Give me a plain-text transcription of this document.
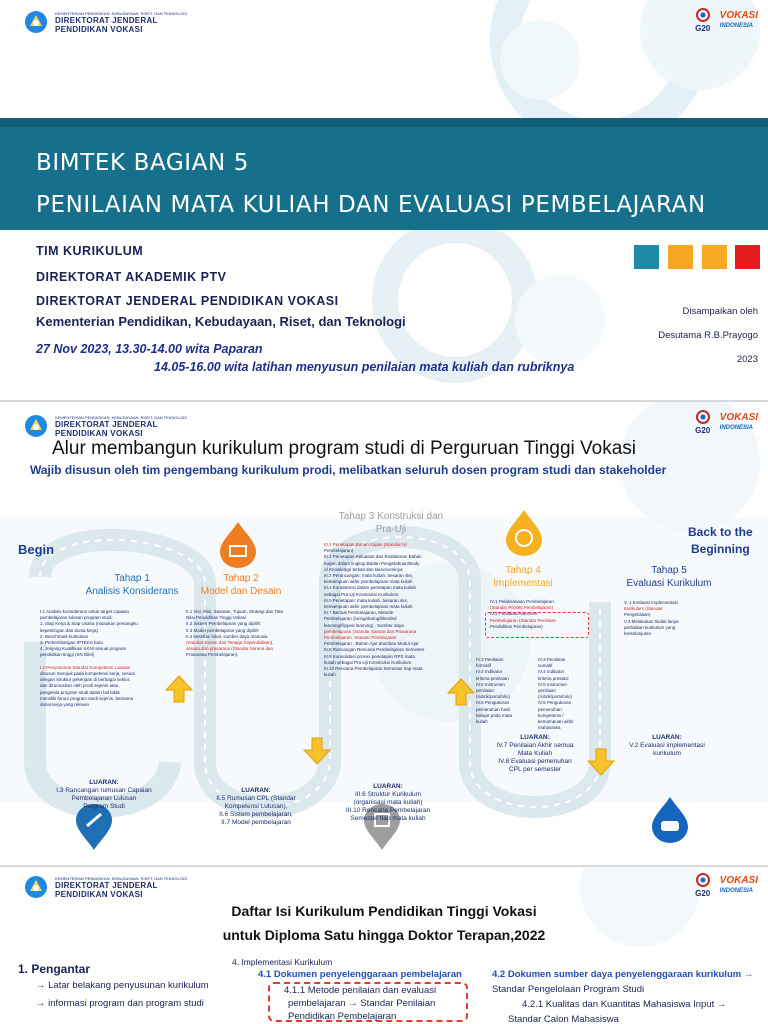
KEMENTERIAN PENDIDIKAN, KEBUDAYAAN, RISET, DAN TEKNOLOGI
DIREKTORAT JENDERAL
PENDIDIKAN VOKASI	G20
VOKASI
INDONESIA
BIMTEK BAGIAN 5
PENILAIAN MATA KULIAH DAN EVALUASI PEMBELAJARAN
TIM KURIKULUM
DIREKTORAT AKADEMIK PTV
DIREKTORAT JENDERAL PENDIDIKAN VOKASI
Kementerian Pendidikan, Kebudayaan, Riset, dan Teknologi
Disampaikan oleh
Desutama R.B.Prayogo
2023
27 Nov 2023, 13.30-14.00 wita Paparan
14.05-16.00 wita latihan menyusun penilaian mata kuliah dan rubriknya
KEMENTERIAN PENDIDIKAN, KEBUDAYAAN, RISET, DAN TEKNOLOGI
DIREKTORAT JENDERAL
PENDIDIKAN VOKASI	G20
VOKASI
INDONESIA
Alur membangun kurikulum program studi di Perguruan Tinggi Vokasi
Wajib disusun oleh tim pengembang kurikulum prodi, melibatkan seluruh dosen program studi dan stakeholder
Begin
Back to the
Beginning
Tahap 1
Analisis Konsiderans
I.1 Analisis konsiderans untuk target capaian
pembelajaran lulusan program studi:
1. Siap Kerja & Siap Usaha (masukan pemangku
kepentingan dari dunia kerja)
2. Benchmark kurikulum
3. Perkembangan IPTEKS baru
4. Jenjang Kualifikasi KKNI sesuai program
pendidikan tinggi (SN Dikti)

I.2 Penyusunan Standar Kompetensi Lulusan
disusun merujuk pada kompetensi kerja, sesuai
dengan struktur pekerjaan di berbagai sektor,
dan dirumuskan oleh prodi sejenis atau
pengelola program studi dalam hal tidak
memiliki forum program studi sejenis, bersama
dunia kerja yang relevan
LUARAN:
I.3 Rancangan rumusan Capaian
Pembelajaran Lulusan
Program Studi
Tahap 2
Model dan Desain
II.1 Visi, Misi, Sasaran, Tujuan, Strategi dan Tata
Nilai Pendidikan Tinggi Vokasi
II.2 Sistem Pembelajaran yang dipilih:
II.3 Model pembelajaran yang dipilih:
II.4 kesetlan lokal, sumber daya manusia
(Standar Dosen dan Tenaga Kependidikan),
sarana dan prasarana (Standar Sarana dan
Prasarana Pembelajaran).
LUARAN:
II.5 Rumusan CPL (Standar
Kompetensi Lulusan),
II.6 Sistem pembelajaran,
II.7 Model pembelajaran
Tahap 3 Konstruksi dan
Pra-Uji
III.1 Penetapan Bahan Kajian (Standar Isi
Pembelajaran)
III.2 Penetapan Keluasan dan Kedalaman Bahan
Kajian dalam lingkup Badan Pengetahuan/Body
of Knowledge terkait dan taksonominya
III.3 Perancangan: mata kuliah, besaran sks,
kemampuan akhir pembelajaran mata kuliah
III.4 Konsistensi dalam penetapan mata kuliah
sebagai Pra-Uji Konstruksi Kurikulum
III.5 Penetapan: mata kuliah, besaran sks,
kemampuan akhir pembelajaran mata kuliah
III.7 Bentuk Pembelajaran, Metode
Pembelajaran (luring/daring/blended
learning/flipped learning) , Sumber daya
pembelajaran (Standar Sarana dan Prasarana
Pembelajaran, Standar Pembiayaan
Pembelajaran , Bahan Ajar dan/atau Modul Ajar
III.8 Rancangan Rencana Pembelajaran Semester
III.9 Konsolidasi proses penetapan RPS mata
kuliah sebagai Pra-Uji Konstruksi Kurikulum
III.10 Rencana Pembelajaran Semester tiap mata
kuliah
LUARAN:
III.6 Struktur Kurikulum
(organisasi mata kuliah)
III.10 Rencana Pembelajaran
Semester tiap mata kuliah
Tahap 4
Implementasi
IV.1 Pelaksanaan Pembelajaran
(Standar Proses Pembelajaran)
IV.2 Penilaian/Asesmen
Pembelajaran (Standar Penilaian
Pendidikan Pembelajaran)
IV.3 Penilaian
formatif
IV.4 Indikator
kriteria penilaian
IV.5 Instrumen
penilaian
(rubrik/portofolio)
IV.6 Pengukuran
pemenuhan hasil
belajar pada mata
kuliah
IV.3 Penilaian
sumatif
IV.4 Indikator
kriteria prestasi
IV.5 Instrumen
penilaian
(rubrik/portofolio)
IV.6 Pengukuran
pemenuhan
kompetensi /
kemampuan akhir
mahasiswa
LUARAN:
IV.7 Penilaian Akhir semua
Mata Kuliah
IV.8 Evaluasi pemenuhan
CPL per semester
Tahap 5
Evaluasi Kurikulum
V. 1 Evaluasi Implementasi
Kurikulum (Standar
Pengelolaan)
V.3 Melakukan tindak lanjut
perbaikan kurikulum yang
berkelanjutan
LUARAN:
V.2 Evaluasi implementasi
kurikulum
KEMENTERIAN PENDIDIKAN, KEBUDAYAAN, RISET, DAN TEKNOLOGI
DIREKTORAT JENDERAL
PENDIDIKAN VOKASI	G20
VOKASI
INDONESIA
Daftar Isi Kurikulum Pendidikan Tinggi Vokasi
untuk Diploma Satu hingga Doktor Terapan,2022
1. Pengantar
→ Latar belakang penyusunan kurikulum
→ informasi program dan program studi
4. Implementasi Kurikulum
4.1 Dokumen penyelenggaraan pembelajaran
4.1.1 Metode penilaian dan evaluasi
pembelajaran → Standar Penilaian
Pendidikan Pembelajaran
4.2 Dokumen sumber daya penyelenggaraan kurikulum →
Standar Pengelolaan Program Studi
4.2.1 Kualitas dan Kuantitas Mahasiswa Input →
Standar Calon Mahasiswa
